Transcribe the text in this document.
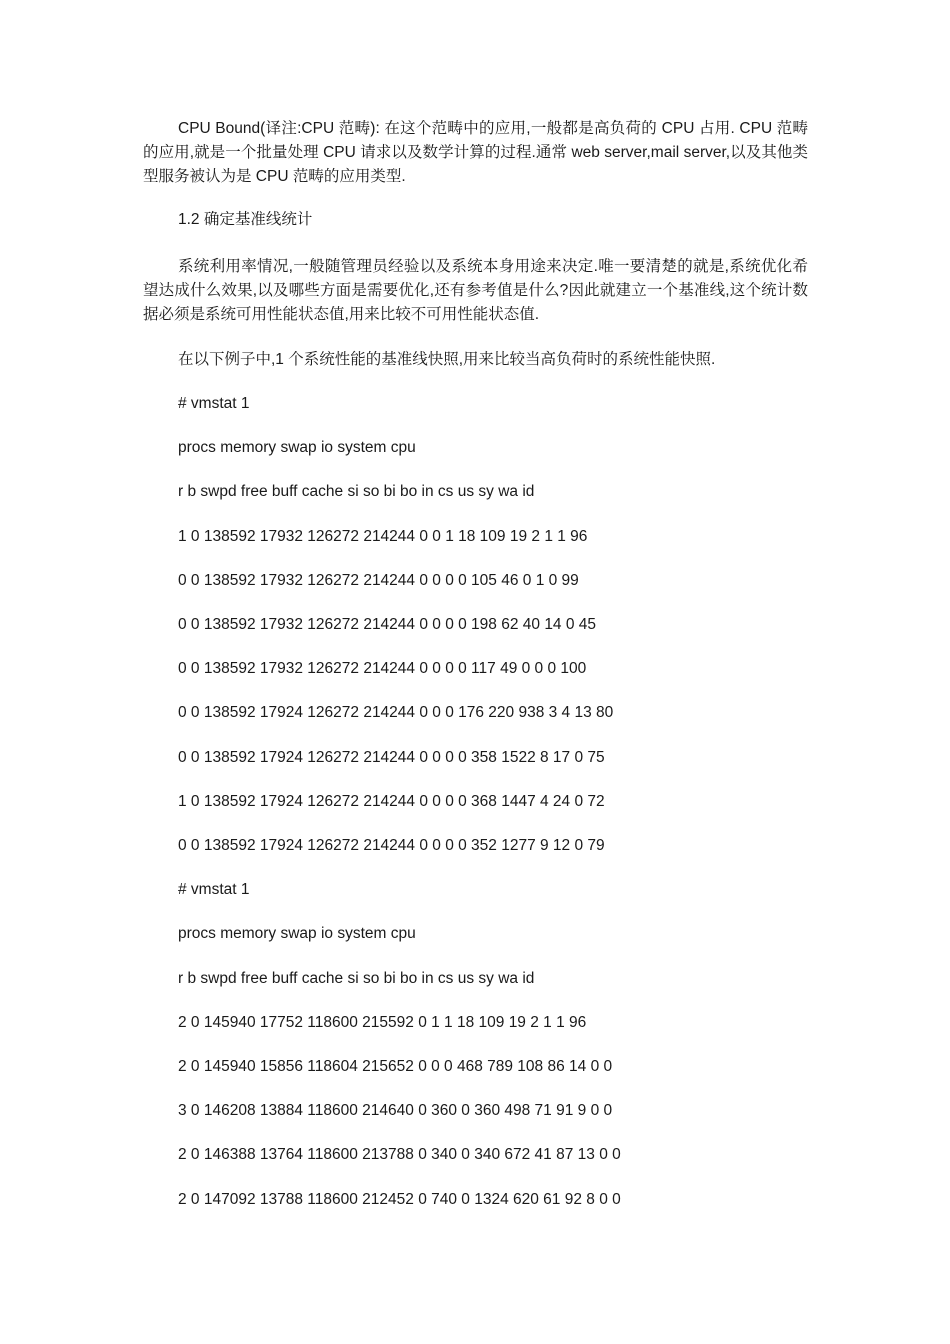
CPU Bound(译注:CPU 范畴): 在这个范畴中的应用,一般都是高负荷的 CPU 占用. CPU 范畴的应用,就是一个批量处理 CPU 请求以及数学计算的过程.通常 web server,mail server,以及其他类型服务被认为是 CPU 范畴的应用类型.

1.2 确定基准线统计

系统利用率情况,一般随管理员经验以及系统本身用途来决定.唯一要清楚的就是,系统优化希望达成什么效果,以及哪些方面是需要优化,还有参考值是什么?因此就建立一个基准线,这个统计数据必须是系统可用性能状态值,用来比较不可用性能状态值.

在以下例子中,1 个系统性能的基准线快照,用来比较当高负荷时的系统性能快照.

# vmstat 1

procs memory swap io system cpu

r b swpd free buff cache si so bi bo in cs us sy wa id

1 0 138592 17932 126272 214244 0 0 1 18 109 19 2 1 1 96

0 0 138592 17932 126272 214244 0 0 0 0 105 46 0 1 0 99

0 0 138592 17932 126272 214244 0 0 0 0 198 62 40 14 0 45

0 0 138592 17932 126272 214244 0 0 0 0 117 49 0 0 0 100

0 0 138592 17924 126272 214244 0 0 0 176 220 938 3 4 13 80

0 0 138592 17924 126272 214244 0 0 0 0 358 1522 8 17 0 75

1 0 138592 17924 126272 214244 0 0 0 0 368 1447 4 24 0 72

0 0 138592 17924 126272 214244 0 0 0 0 352 1277 9 12 0 79

# vmstat 1

procs memory swap io system cpu

r b swpd free buff cache si so bi bo in cs us sy wa id

2 0 145940 17752 118600 215592 0 1 1 18 109 19 2 1 1 96

2 0 145940 15856 118604 215652 0 0 0 468 789 108 86 14 0 0

3 0 146208 13884 118600 214640 0 360 0 360 498 71 91 9 0 0

2 0 146388 13764 118600 213788 0 340 0 340 672 41 87 13 0 0

2 0 147092 13788 118600 212452 0 740 0 1324 620 61 92 8 0 0
